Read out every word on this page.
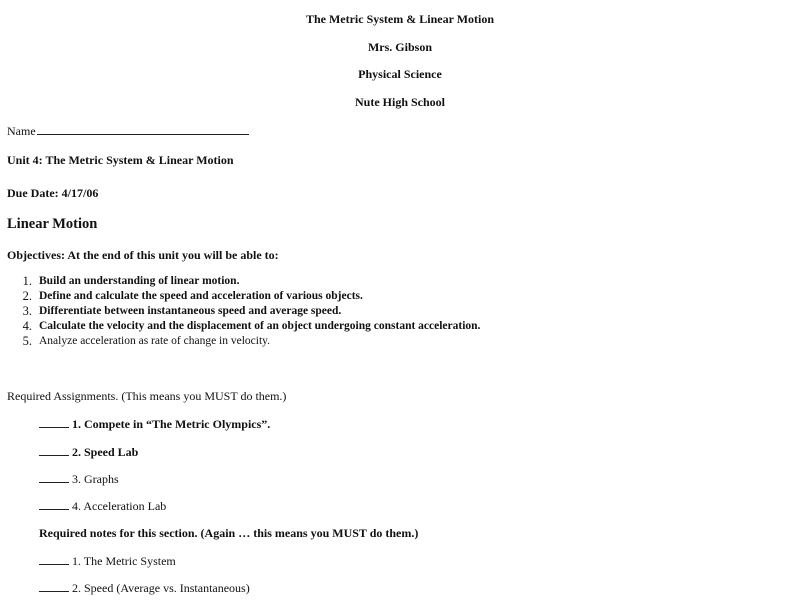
The Metric System & Linear Motion
Mrs. Gibson
Physical Science
Nute High School
Name
Unit 4: The Metric System & Linear Motion
Due Date: 4/17/06
Linear Motion
Objectives: At the end of this unit you will be able to:
1. Build an understanding of linear motion.
2. Define and calculate the speed and acceleration of various objects.
3. Differentiate between instantaneous speed and average speed.
4. Calculate the velocity and the displacement of an object undergoing constant acceleration.
5. Analyze acceleration as rate of change in velocity.
Required Assignments. (This means you MUST do them.)
1. Compete in “The Metric Olympics”.
2. Speed Lab
3. Graphs
4. Acceleration Lab
Required notes for this section. (Again … this means you MUST do them.)
1. The Metric System
2. Speed (Average vs. Instantaneous)
